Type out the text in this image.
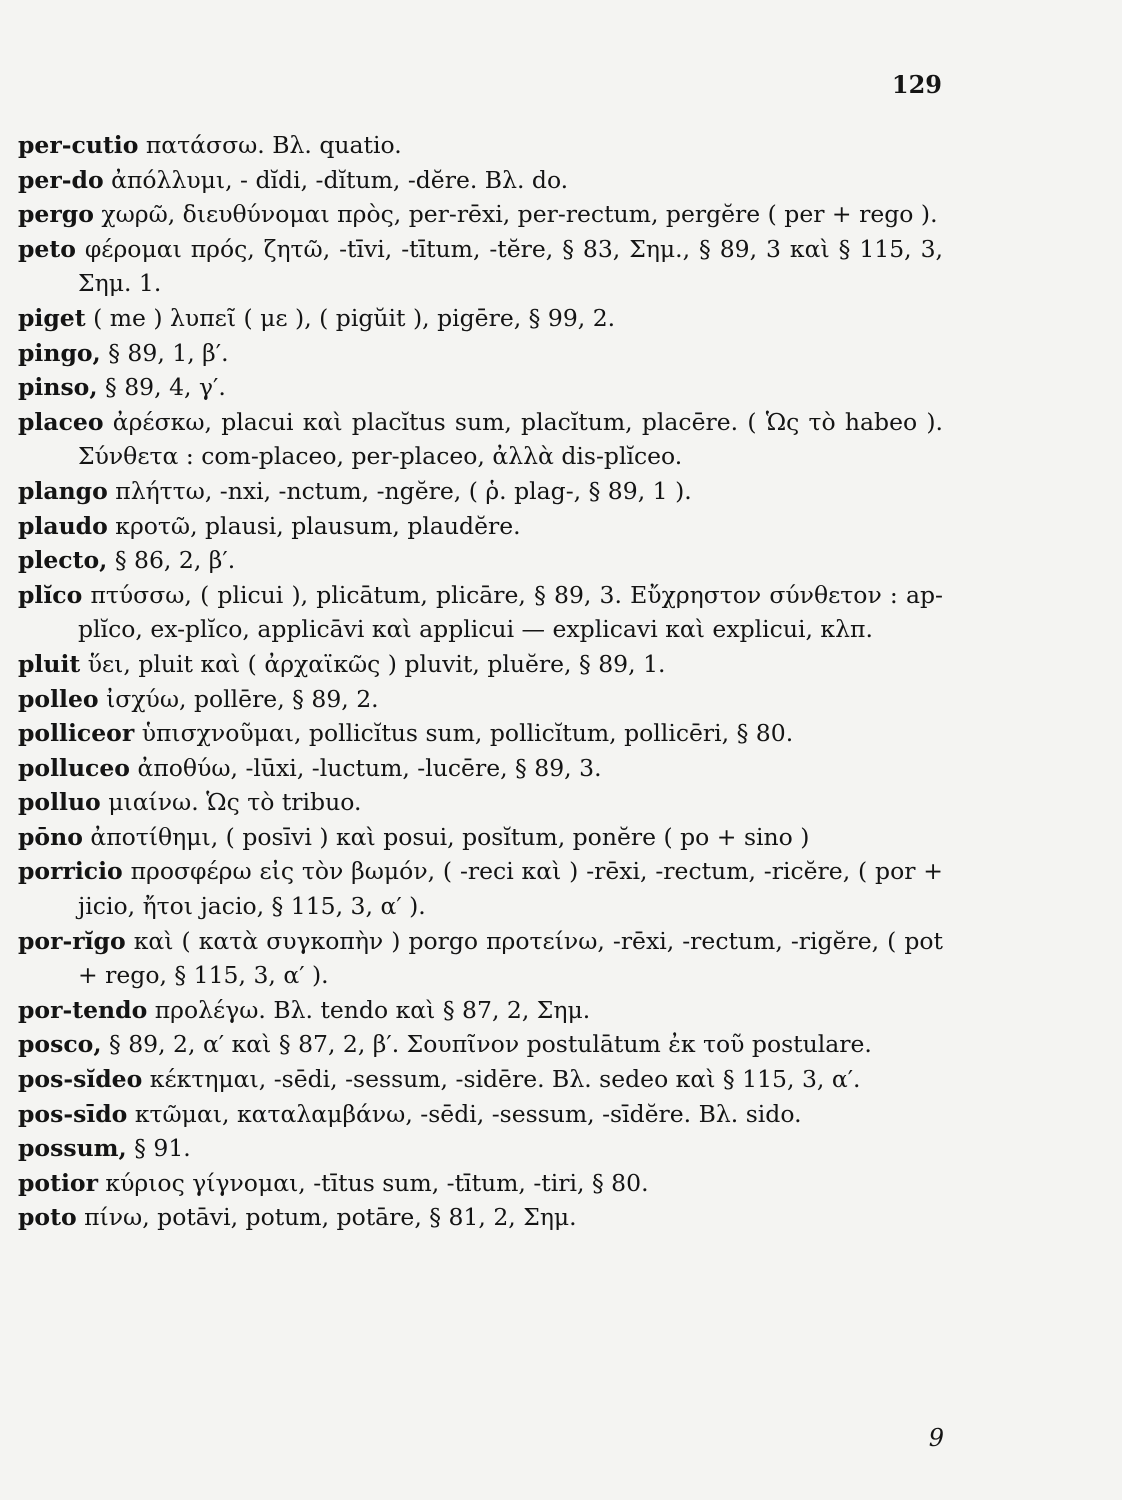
129
per-cutio πατάσσω. Βλ. quatio.
per-do ἀπόλλυμι, - dĭdi, -dĭtum, -dĕre. Βλ. do.
pergo χωρῶ, διευθύνομαι πρὸς, per-rēxi, per-rectum, pergĕre ( per + rego ).
peto φέρομαι πρός, ζητῶ, -tīvi, -tītum, -tĕre, § 83, Σημ., § 89, 3 καὶ § 115, 3, Σημ. 1.
piget ( me ) λυπεῖ ( με ), ( pigŭit ), pigēre, § 99, 2.
pingo, § 89, 1, β′.
pinso, § 89, 4, γ′.
placeo ἀρέσκω, placui καὶ placĭtus sum, placĭtum, placēre. ( Ὡς τὸ habeo ). Σύνθετα : com-placeo, per-placeo, ἀλλὰ dis-plĭceo.
plango πλήττω, -nxi, -nctum, -ngĕre, ( ῥ. plag-, § 89, 1 ).
plaudo κροτῶ, plausi, plausum, plaudĕre.
plecto, § 86, 2, β′.
plĭco πτύσσω, ( plicui ), plicātum, plicāre, § 89, 3. Εὔχρηστον σύνθετον : ap-plĭco, ex-plĭco, applicāvi καὶ applicui — explicavi καὶ explicui, κλπ.
pluit ὕει, pluit καὶ ( ἀρχαϊκῶς ) pluvit, pluĕre, § 89, 1.
polleo ἰσχύω, pollēre, § 89, 2.
polliceor ὑπισχνοῦμαι, pollicĭtus sum, pollicĭtum, pollicēri, § 80.
polluceo ἀποθύω, -lūxi, -luctum, -lucēre, § 89, 3.
polluo μιαίνω. Ὡς τὸ tribuo.
pōno ἀποτίθημι, ( posīvi ) καὶ posui, posĭtum, ponĕre ( po + sino )
porricio προσφέρω εἰς τὸν βωμόν, ( -reci καὶ ) -rēxi, -rectum, -ricĕre, ( por + jicio, ἤτοι jacio, § 115, 3, α′ ).
por-rĭgo καὶ ( κατὰ συγκοπὴν ) porgo προτείνω, -rēxi, -rectum, -rigĕre, ( pot + rego, § 115, 3, α′ ).
por-tendo προλέγω. Βλ. tendo καὶ § 87, 2, Σημ.
posco, § 89, 2, α′ καὶ § 87, 2, β′. Σουπῖνον postulātum ἐκ τοῦ postulare.
pos-sĭdeo κέκτημαι, -sēdi, -sessum, -sidēre. Βλ. sedeo καὶ § 115, 3, α′.
pos-sīdo κτῶμαι, καταλαμβάνω, -sēdi, -sessum, -sīdĕre. Βλ. sido.
possum, § 91.
potior κύριος γίγνομαι, -tītus sum, -tītum, -tiri, § 80.
poto πίνω, potāvi, potum, potāre, § 81, 2, Σημ.
9
